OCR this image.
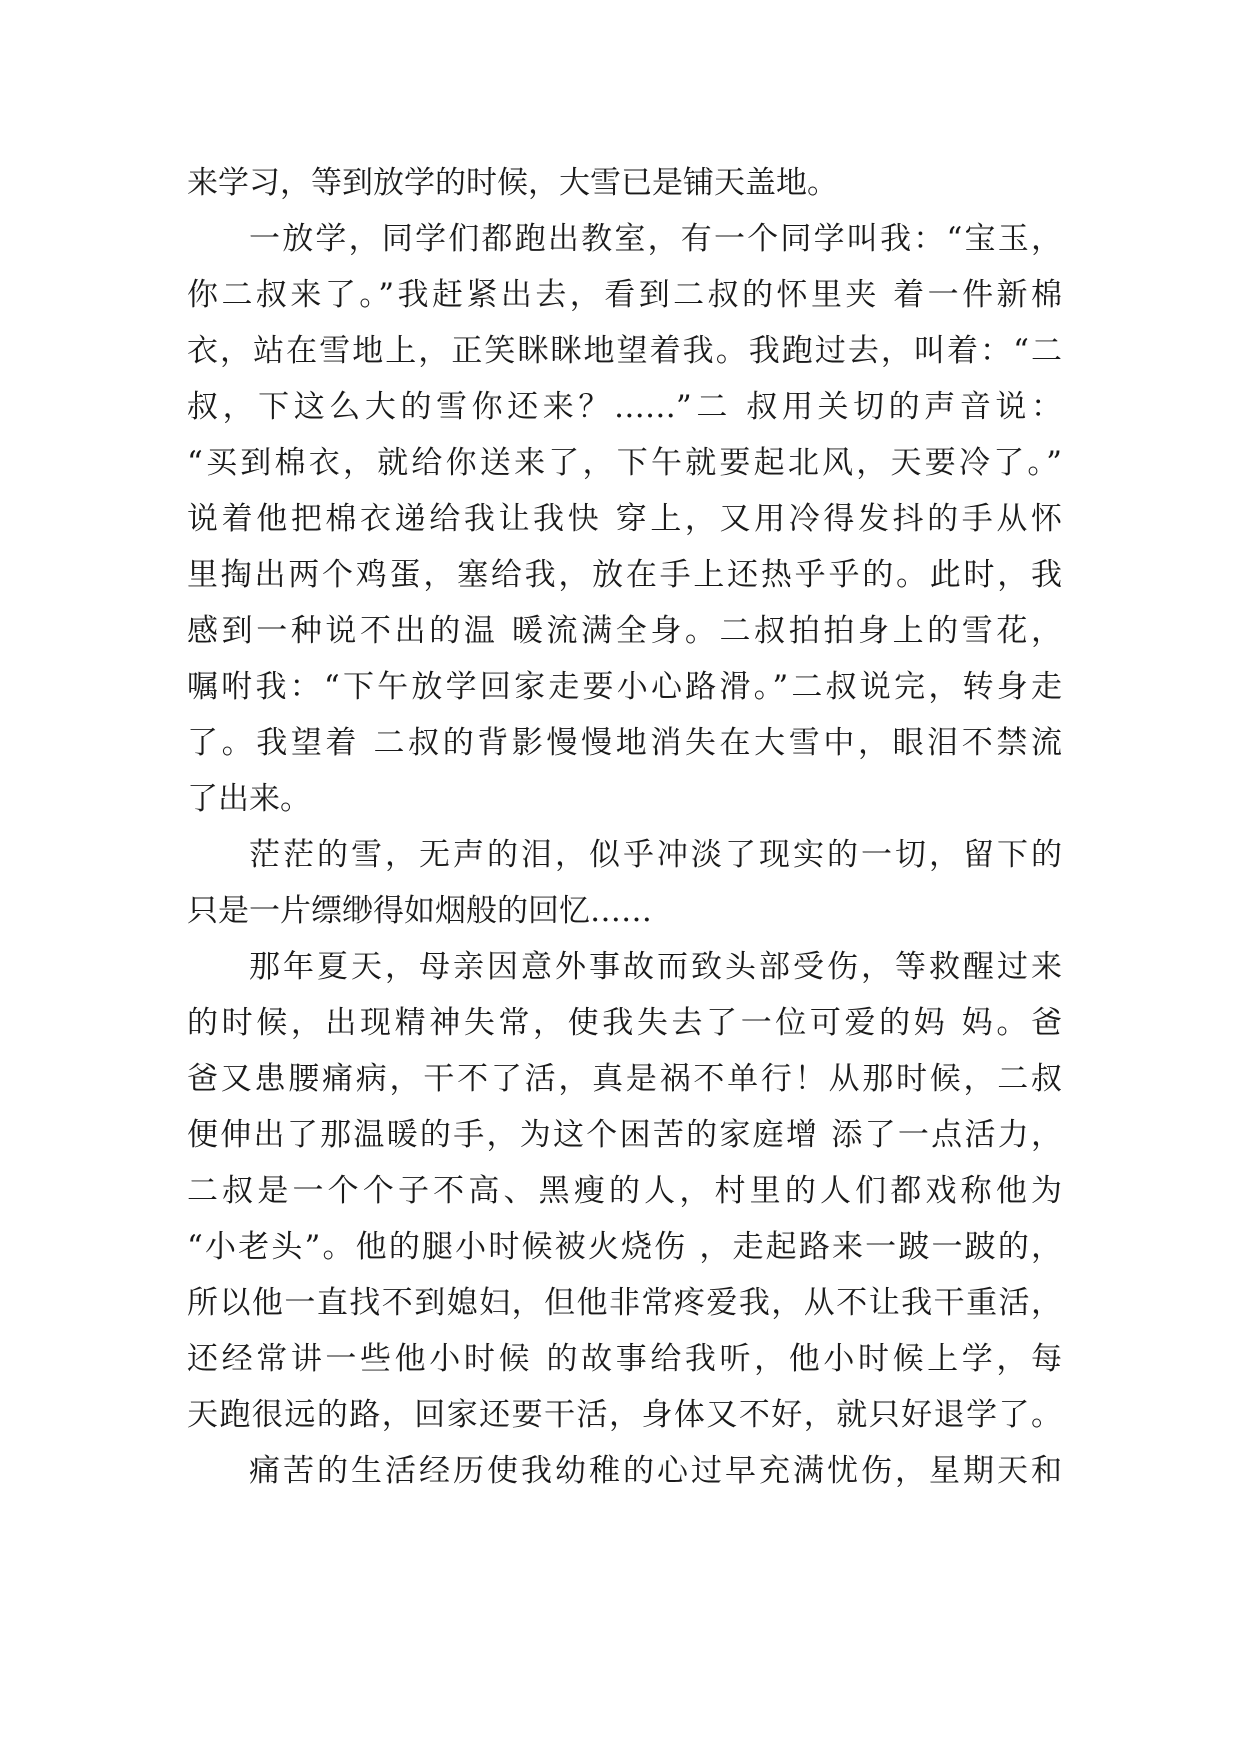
来学习，等到放学的时候，大雪已是铺天盖地。
一放学，同学们都跑出教室，有一个同学叫我：“宝玉，
你二叔来了。”我赶紧出去，看到二叔的怀里夹 着一件新棉
衣，站在雪地上，正笑眯眯地望着我。我跑过去，叫着：“二
叔，下这么大的雪你还来？……”二 叔用关切的声音说：
“买到棉衣，就给你送来了，下午就要起北风，天要冷了。”
说着他把棉衣递给我让我快 穿上，又用冷得发抖的手从怀
里掏出两个鸡蛋，塞给我，放在手上还热乎乎的。此时，我
感到一种说不出的温 暖流满全身。二叔拍拍身上的雪花，
嘱咐我：“下午放学回家走要小心路滑。”二叔说完，转身走
了。我望着 二叔的背影慢慢地消失在大雪中，眼泪不禁流
了出来。
茫茫的雪，无声的泪，似乎冲淡了现实的一切，留下的
只是一片缥缈得如烟般的回忆……
那年夏天，母亲因意外事故而致头部受伤，等救醒过来
的时候，出现精神失常，使我失去了一位可爱的妈 妈。爸
爸又患腰痛病，干不了活，真是祸不单行！从那时候，二叔
便伸出了那温暖的手，为这个困苦的家庭增 添了一点活力，
二叔是一个个子不高、黑瘦的人，村里的人们都戏称他为
“小老头”。他的腿小时候被火烧伤 ，走起路来一跛一跛的，
所以他一直找不到媳妇，但他非常疼爱我，从不让我干重活，
还经常讲一些他小时候 的故事给我听，他小时候上学，每
天跑很远的路，回家还要干活，身体又不好，就只好退学了。
痛苦的生活经历使我幼稚的心过早充满忧伤，星期天和
